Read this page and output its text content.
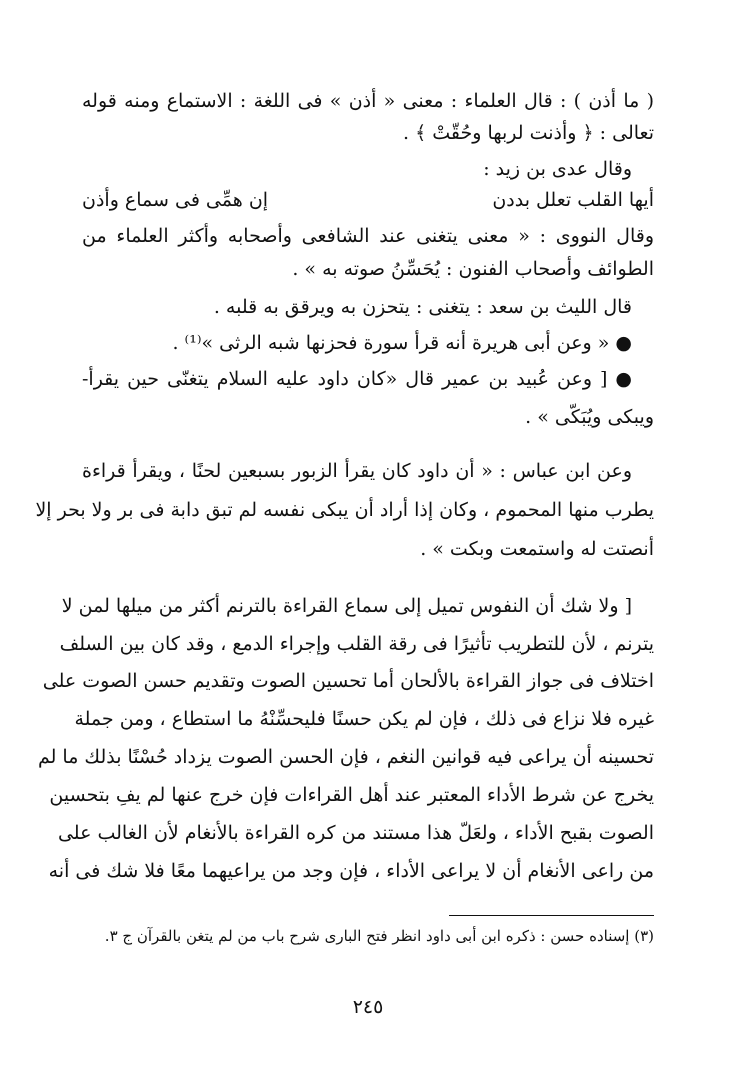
( ما أذن ) : قال العلماء : معنى « أذن » فى اللغة : الاستماع ومنه قوله
تعالى : ﴿ وأذنت لربها وحُقّتْ ﴾ .
وقال عدى بن زيد :
أيها القلب تعلل بددن
إن همِّى فى سماع وأذن
وقال النووى : « معنى يتغنى عند الشافعى وأصحابه وأكثر العلماء من
الطوائف وأصحاب الفنون : يُحَسِّنُ صوته به » .
قال الليث بن سعد : يتغنى : يتحزن به ويرقق به قلبه .
● « وعن أبى هريرة أنه قرأ سورة فحزنها شبه الرثى »⁽¹⁾ .
● [ وعن عُبيد بن عمير قال «كان داود عليه السلام يتغنّى حين يقرأ-
ويبكى ويُبَكّى » .
وعن ابن عباس : « أن داود كان يقرأ الزبور بسبعين لحنًا ، ويقرأ قراءة
يطرب منها المحموم ، وكان إذا أراد أن يبكى نفسه لم تبق دابة فى بر ولا بحر إلا
أنصتت له واستمعت وبكت » .
[ ولا شك أن النفوس تميل إلى سماع القراءة بالترنم أكثر من ميلها لمن لا
يترنم ، لأن للتطريب تأثيرًا فى رقة القلب وإجراء الدمع ، وقد كان بين السلف
اختلاف فى جواز القراءة بالألحان أما تحسين الصوت وتقديم حسن الصوت على
غيره فلا نزاع فى ذلك ، فإن لم يكن حسنًا فليحسِّنْهُ ما استطاع ، ومن جملة
تحسينه أن يراعى فيه قوانين النغم ، فإن الحسن الصوت يزداد حُسْنًا بذلك ما لم
يخرج عن شرط الأداء المعتبر عند أهل القراءات فإن خرج عنها لم يفِ بتحسين
الصوت بقبح الأداء ، ولعَلّ هذا مستند من كره القراءة بالأنغام لأن الغالب على
من راعى الأنغام أن لا يراعى الأداء ، فإن وجد من يراعيهما معًا فلا شك فى أنه
(٣) إسناده حسن : ذكره ابن أبى داود انظر فتح البارى شرح باب من لم يتغن بالقرآن ج ٣.
٢٤٥
